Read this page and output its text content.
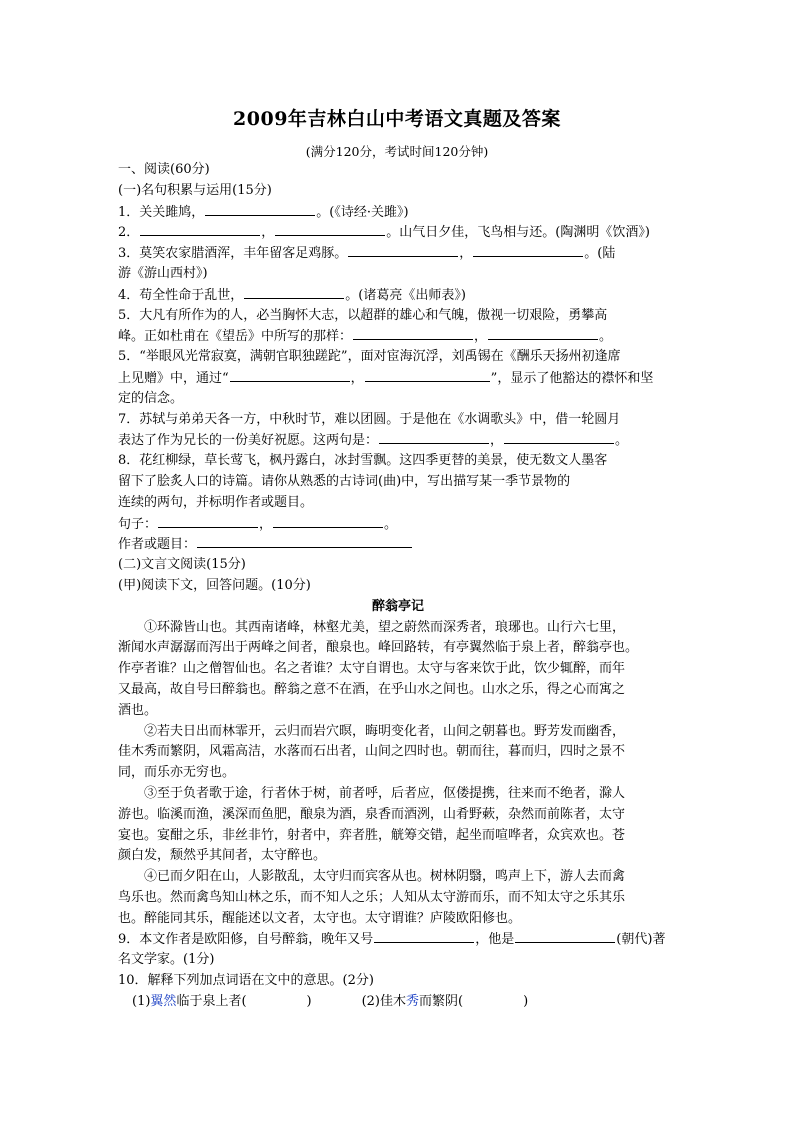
2009年吉林白山中考语文真题及答案
(满分120分，考试时间120分钟)
一、阅读(60分)
(一)名句积累与运用(15分)
1．关关雎鸠，	。(《诗经·关雎》)
2．	，	。山气日夕佳，飞鸟相与还。(陶渊明《饮酒》)
3．莫笑农家腊酒浑，丰年留客足鸡豚。	，	。(陆
游《游山西村》)
4．苟全性命于乱世，	。(诸葛亮《出师表》)
5．大凡有所作为的人，必当胸怀大志，以超群的雄心和气魄，傲视一切艰险，勇攀高
峰。正如杜甫在《望岳》中所写的那样：	，	。
5．“举眼风光常寂寞，满朝官职独蹉跎”，面对宦海沉浮，刘禹锡在《酬乐天扬州初逢席
上见赠》中，通过“	，	”，显示了他豁达的襟怀和坚
定的信念。
7．苏轼与弟弟天各一方，中秋时节，难以团圆。于是他在《水调歌头》中，借一轮圆月
表达了作为兄长的一份美好祝愿。这两句是：	，	。
8．花红柳绿，草长莺飞，枫丹露白，冰封雪飘。这四季更替的美景，使无数文人墨客
留下了脍炙人口的诗篇。请你从熟悉的古诗词(曲)中，写出描写某一季节景物的
连续的两句，并标明作者或题目。
句子：	，	。
作者或题目：
(二)文言文阅读(15分)
(甲)阅读下文，回答问题。(10分)
醉翁亭记
①环滁皆山也。其西南诸峰，林壑尤美，望之蔚然而深秀者，琅琊也。山行六七里，
渐闻水声潺潺而泻出于两峰之间者，酿泉也。峰回路转，有亭翼然临于泉上者，醉翁亭也。
作亭者谁？山之僧智仙也。名之者谁？太守自谓也。太守与客来饮于此，饮少辄醉，而年
又最高，故自号曰醉翁也。醉翁之意不在酒，在乎山水之间也。山水之乐，得之心而寓之
酒也。
②若夫日出而林霏开，云归而岩穴暝，晦明变化者，山间之朝暮也。野芳发而幽香，
佳木秀而繁阴，风霜高洁，水落而石出者，山间之四时也。朝而往，暮而归，四时之景不
同，而乐亦无穷也。
③至于负者歌于途，行者休于树，前者呼，后者应，伛偻提携，往来而不绝者，滁人
游也。临溪而渔，溪深而鱼肥，酿泉为酒，泉香而酒洌，山肴野蔌，杂然而前陈者，太守
宴也。宴酣之乐，非丝非竹，射者中，弈者胜，觥筹交错，起坐而喧哗者，众宾欢也。苍
颜白发，颓然乎其间者，太守醉也。
④已而夕阳在山，人影散乱，太守归而宾客从也。树林阴翳，鸣声上下，游人去而禽
鸟乐也。然而禽鸟知山林之乐，而不知人之乐；人知从太守游而乐，而不知太守之乐其乐
也。醉能同其乐，醒能述以文者，太守也。太守谓谁？庐陵欧阳修也。
9．本文作者是欧阳修，自号醉翁，晚年又号	，他是	(朝代)著
名文学家。(1分)
10．解释下列加点词语在文中的意思。(2分)
(1)翼然临于泉上者(	)	(2)佳木秀而繁阴(	)
